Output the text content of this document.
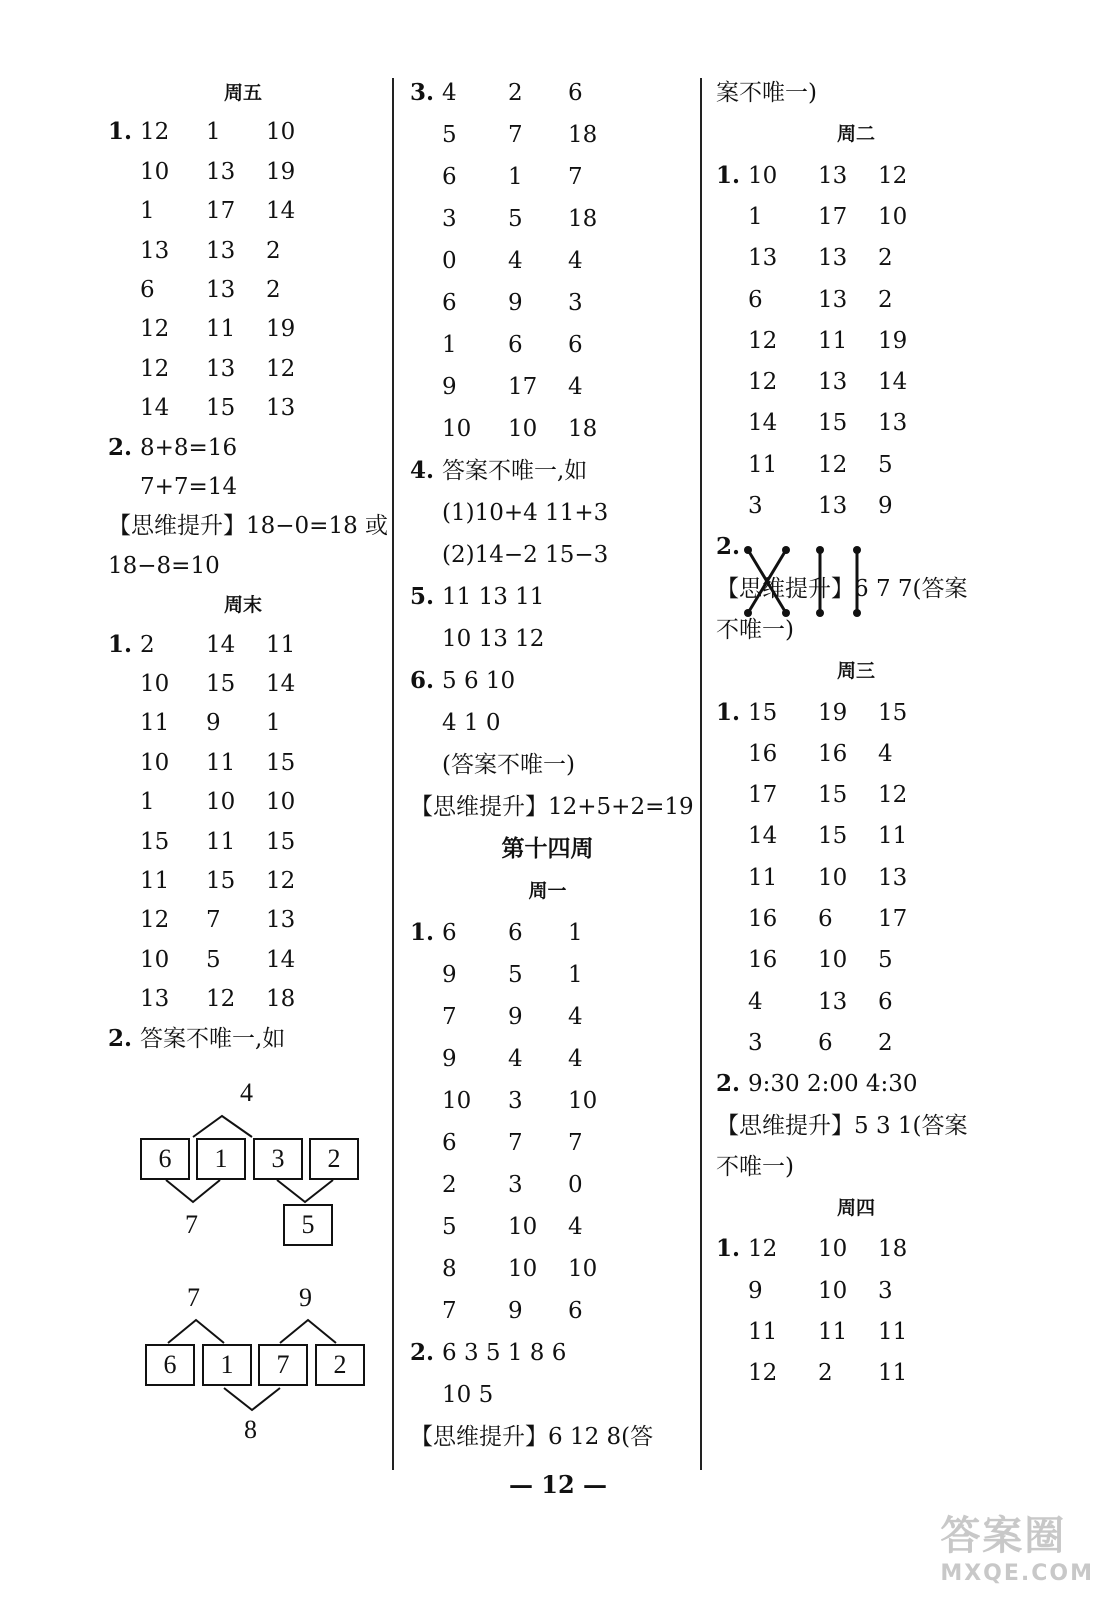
周五
1. 12 1 10
10 13 19
1 17 14
13 13 2
6 13 2
12 11 19
12 13 12
14 15 13
2. 8+8=16
7+7=14
【思维提升】18−0=18 或
18−8=10
周末
1. 2 14 11
10 15 14
11 9 1
10 11 15
1 10 10
15 11 15
11 15 12
12 7 13
10 5 14
13 12 18
2. 答案不唯一,如
3. 4 2 6
5 7 18
6 1 7
3 5 18
0 4 4
6 9 3
1 6 6
9 17 4
10 10 18
4. 答案不唯一,如
(1)10+4 11+3
(2)14−2 15−3
5. 11 13 11
10 13 12
6. 5 6 10
4 1 0
(答案不唯一)
【思维提升】12+5+2=19
第十四周
周一
1. 6 6 1
9 5 1
7 9 4
9 4 4
10 3 10
6 7 7
2 3 0
5 10 4
8 10 10
7 9 6
2. 6 3 5 1 8 6
10 5
【思维提升】6 12 8(答
案不唯一)
周二
1. 10 13 12
1 17 10
13 13 2
6 13 2
12 11 19
12 13 14
14 15 13
11 12 5
3 13 9
2.
【思维提升】6 7 7(答案
不唯一)
周三
1. 15 19 15
16 16 4
17 15 12
14 15 11
11 10 13
16 6 17
16 10 5
4 13 6
3 6 2
2. 9:30 2:00 4:30
【思维提升】5 3 1(答案
不唯一)
周四
1. 12 10 18
9 10 3
11 11 11
12 2 11
4
6	1	3	2
7	5
7	9
6	1	7	2
8
— 12 —
答案圈
MXQE.COM
